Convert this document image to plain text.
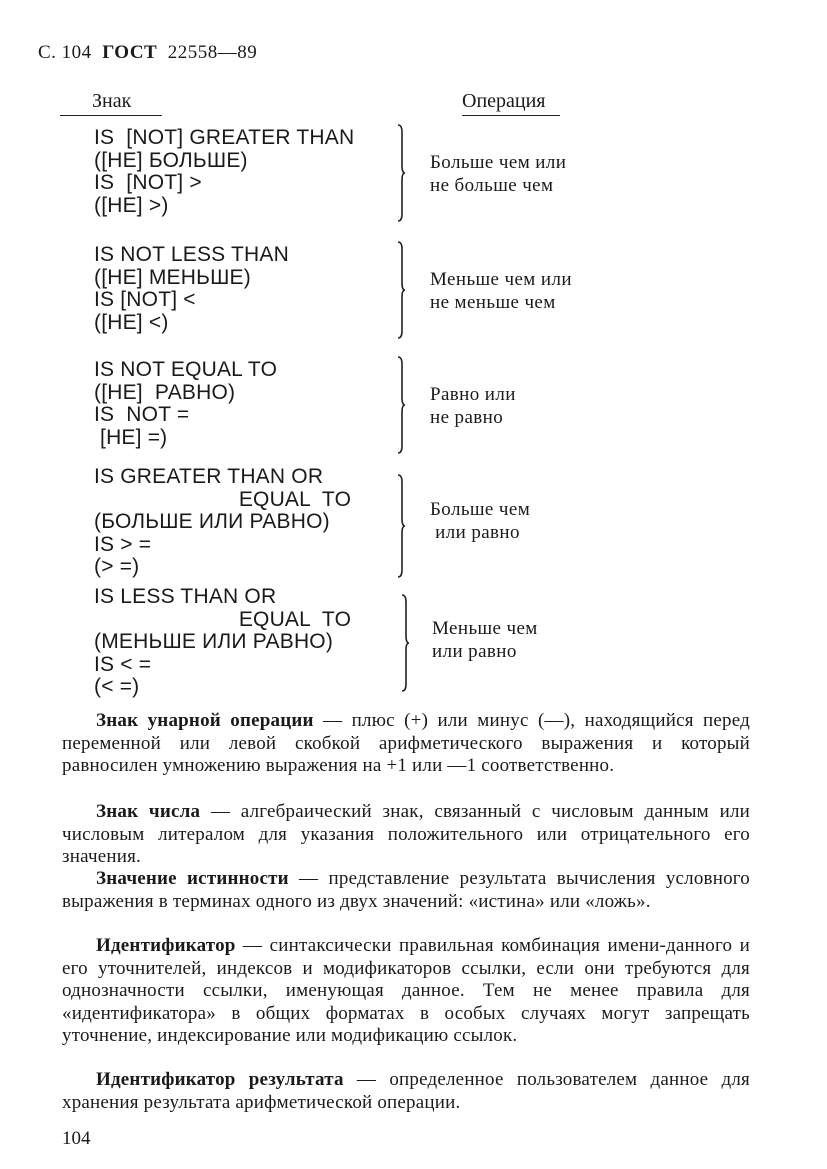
С. 104 ГОСТ 22558—89
Знак	Операция
IS  [NOT] GREATER THAN
([HE] БОЛЬШЕ)
IS  [NOT] >
([HE] >)
Больше чем или
не больше чем
IS NOT LESS THAN
([HE] МЕНЬШЕ)
IS [NOT] <
([HE] <)
Меньше чем или
не меньше чем
IS NOT EQUAL TO
([HE]  РАВНО)
IS  NOT =
[HE] =)
Равно или
не равно
IS GREATER THAN OR
EQUAL  TO
(БОЛЬШЕ ИЛИ РАВНО)
IS > =
(> =)
Больше чем
или равно
IS LESS THAN OR
EQUAL  TO
(МЕНЬШЕ ИЛИ РАВНО)
IS < =
(< =)
Меньше чем
или равно
Знак унарной операции — плюс (+) или минус (—), находящийся перед переменной или левой скобкой арифметического выражения и который равносилен умножению выражения на +1 или —1 соответственно.
Знак числа — алгебраический знак, связанный с числовым данным или числовым литералом для указания положительного или отрицательного его значения.
Значение истинности — представление результата вычисления условного выражения в терминах одного из двух значений: «истина» или «ложь».
Идентификатор — синтаксически правильная комбинация имени-данного и его уточнителей, индексов и модификаторов ссылки, если они требуются для однозначности ссылки, именующая данное. Тем не менее правила для «идентификатора» в общих форматах в особых случаях могут запрещать уточнение, индексирование или модификацию ссылок.
Идентификатор результата — определенное пользователем данное для хранения результата арифметической операции.
104
